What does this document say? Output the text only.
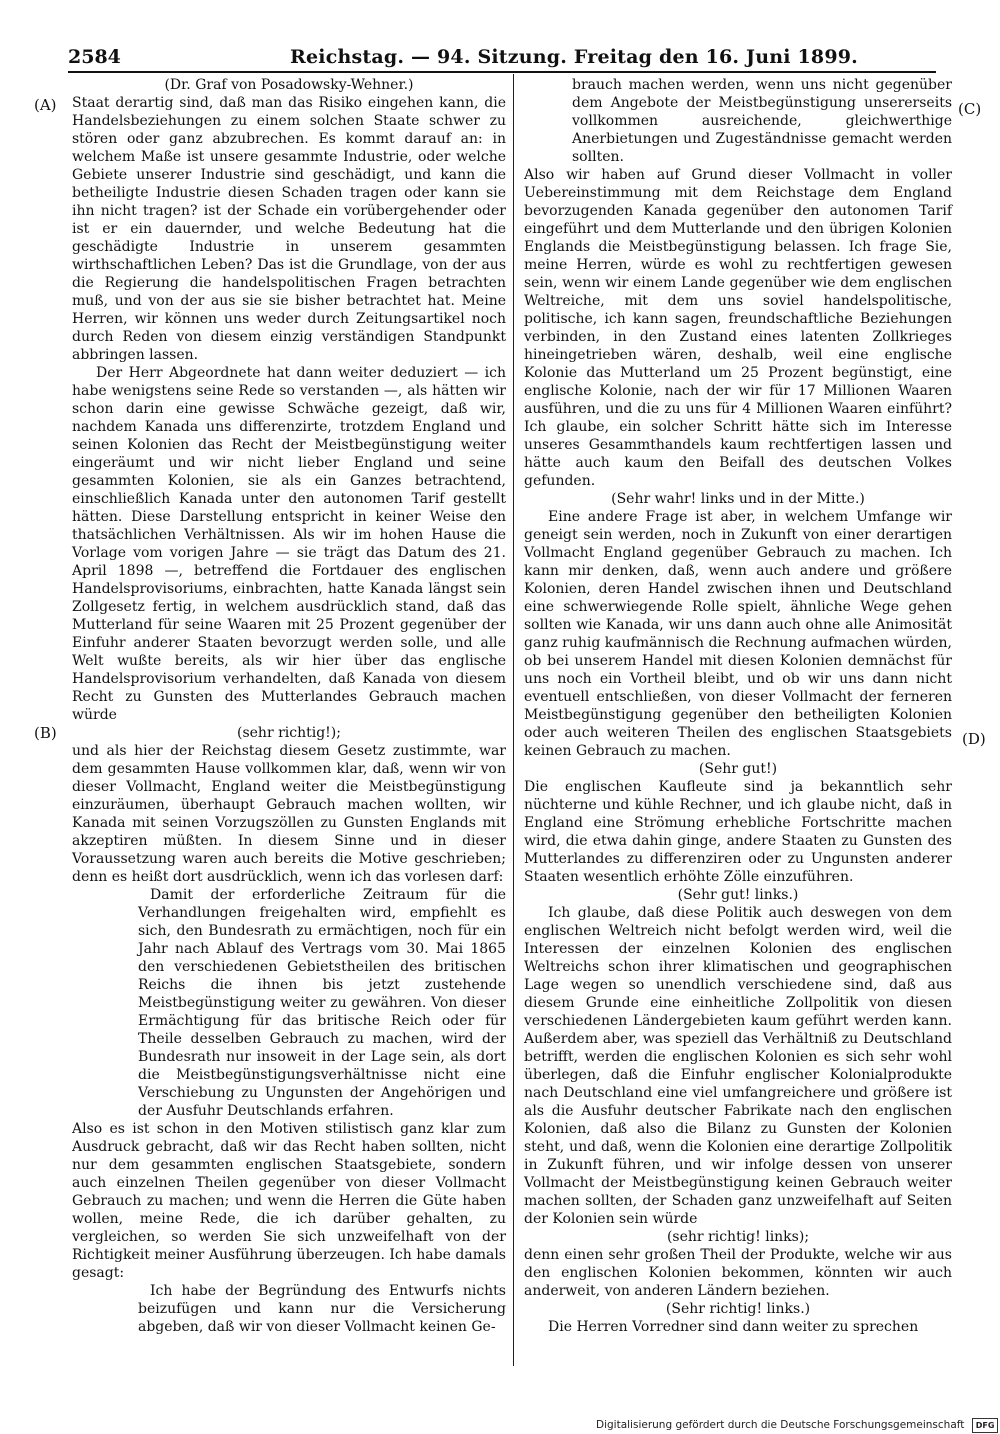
2584	Reichstag. — 94. Sitzung. Freitag den 16. Juni 1899.
(A)
(B)
(C)
(D)

(Dr. Graf von Posadowsky-Wehner.)

Staat derartig sind, daß man das Risiko eingehen kann, die Handelsbeziehungen zu einem solchen Staate schwer zu stören oder ganz abzubrechen. Es kommt darauf an: in welchem Maße ist unsere gesammte Industrie, oder welche Gebiete unserer Industrie sind geschädigt, und kann die betheiligte Industrie diesen Schaden tragen oder kann sie ihn nicht tragen? ist der Schade ein vorübergehender oder ist er ein dauernder, und welche Bedeutung hat die geschädigte Industrie in unserem gesammten wirthschaftlichen Leben? Das ist die Grundlage, von der aus die Regierung die handelspolitischen Fragen betrachten muß, und von der aus sie sie bisher betrachtet hat. Meine Herren, wir können uns weder durch Zeitungsartikel noch durch Reden von diesem einzig verständigen Standpunkt abbringen lassen.

Der Herr Abgeordnete hat dann weiter deduziert — ich habe wenigstens seine Rede so verstanden —, als hätten wir schon darin eine gewisse Schwäche gezeigt, daß wir, nachdem Kanada uns differenzirte, trotzdem England und seinen Kolonien das Recht der Meistbegünstigung weiter eingeräumt und wir nicht lieber England und seine gesammten Kolonien, sie als ein Ganzes betrachtend, einschließlich Kanada unter den autonomen Tarif gestellt hätten. Diese Darstellung entspricht in keiner Weise den thatsächlichen Verhältnissen. Als wir im hohen Hause die Vorlage vom vorigen Jahre — sie trägt das Datum des 21. April 1898 —, betreffend die Fortdauer des englischen Handelsprovisoriums, einbrachten, hatte Kanada längst sein Zollgesetz fertig, in welchem ausdrücklich stand, daß das Mutterland für seine Waaren mit 25 Prozent gegenüber der Einfuhr anderer Staaten bevorzugt werden solle, und alle Welt wußte bereits, als wir hier über das englische Handelsprovisorium verhandelten, daß Kanada von diesem Recht zu Gunsten des Mutterlandes Gebrauch machen würde

(sehr richtig!);

und als hier der Reichstag diesem Gesetz zustimmte, war dem gesammten Hause vollkommen klar, daß, wenn wir von dieser Vollmacht, England weiter die Meistbegünstigung einzuräumen, überhaupt Gebrauch machen wollten, wir Kanada mit seinen Vorzugszöllen zu Gunsten Englands mit akzeptiren müßten. In diesem Sinne und in dieser Voraussetzung waren auch bereits die Motive geschrieben; denn es heißt dort ausdrücklich, wenn ich das vorlesen darf:

Damit der erforderliche Zeitraum für die Verhandlungen freigehalten wird, empfiehlt es sich, den Bundesrath zu ermächtigen, noch für ein Jahr nach Ablauf des Vertrags vom 30. Mai 1865 den verschiedenen Gebietstheilen des britischen Reichs die ihnen bis jetzt zustehende Meistbegünstigung weiter zu gewähren. Von dieser Ermächtigung für das britische Reich oder für Theile desselben Gebrauch zu machen, wird der Bundesrath nur insoweit in der Lage sein, als dort die Meistbegünstigungsverhältnisse nicht eine Verschiebung zu Ungunsten der Angehörigen und der Ausfuhr Deutschlands erfahren.

Also es ist schon in den Motiven stilistisch ganz klar zum Ausdruck gebracht, daß wir das Recht haben sollten, nicht nur dem gesammten englischen Staatsgebiete, sondern auch einzelnen Theilen gegenüber von dieser Vollmacht Gebrauch zu machen; und wenn die Herren die Güte haben wollen, meine Rede, die ich darüber gehalten, zu vergleichen, so werden Sie sich unzweifelhaft von der Richtigkeit meiner Ausführung überzeugen. Ich habe damals gesagt:

Ich habe der Begründung des Entwurfs nichts beizufügen und kann nur die Versicherung abgeben, daß wir von dieser Vollmacht keinen Ge-

brauch machen werden, wenn uns nicht gegenüber dem Angebote der Meistbegünstigung unsererseits vollkommen ausreichende, gleichwerthige Anerbietungen und Zugeständnisse gemacht werden sollten.

Also wir haben auf Grund dieser Vollmacht in voller Uebereinstimmung mit dem Reichstage dem England bevorzugenden Kanada gegenüber den autonomen Tarif eingeführt und dem Mutterlande und den übrigen Kolonien Englands die Meistbegünstigung belassen. Ich frage Sie, meine Herren, würde es wohl zu rechtfertigen gewesen sein, wenn wir einem Lande gegenüber wie dem englischen Weltreiche, mit dem uns soviel handelspolitische, politische, ich kann sagen, freundschaftliche Beziehungen verbinden, in den Zustand eines latenten Zollkrieges hineingetrieben wären, deshalb, weil eine englische Kolonie das Mutterland um 25 Prozent begünstigt, eine englische Kolonie, nach der wir für 17 Millionen Waaren ausführen, und die zu uns für 4 Millionen Waaren einführt? Ich glaube, ein solcher Schritt hätte sich im Interesse unseres Gesammthandels kaum rechtfertigen lassen und hätte auch kaum den Beifall des deutschen Volkes gefunden.

(Sehr wahr! links und in der Mitte.)

Eine andere Frage ist aber, in welchem Umfange wir geneigt sein werden, noch in Zukunft von einer derartigen Vollmacht England gegenüber Gebrauch zu machen. Ich kann mir denken, daß, wenn auch andere und größere Kolonien, deren Handel zwischen ihnen und Deutschland eine schwerwiegende Rolle spielt, ähnliche Wege gehen sollten wie Kanada, wir uns dann auch ohne alle Animosität ganz ruhig kaufmännisch die Rechnung aufmachen würden, ob bei unserem Handel mit diesen Kolonien demnächst für uns noch ein Vortheil bleibt, und ob wir uns dann nicht eventuell entschließen, von dieser Vollmacht der ferneren Meistbegünstigung gegenüber den betheiligten Kolonien oder auch weiteren Theilen des englischen Staatsgebiets keinen Gebrauch zu machen.

(Sehr gut!)

Die englischen Kaufleute sind ja bekanntlich sehr nüchterne und kühle Rechner, und ich glaube nicht, daß in England eine Strömung erhebliche Fortschritte machen wird, die etwa dahin ginge, andere Staaten zu Gunsten des Mutterlandes zu differenziren oder zu Ungunsten anderer Staaten wesentlich erhöhte Zölle einzuführen.

(Sehr gut! links.)

Ich glaube, daß diese Politik auch deswegen von dem englischen Weltreich nicht befolgt werden wird, weil die Interessen der einzelnen Kolonien des englischen Weltreichs schon ihrer klimatischen und geographischen Lage wegen so unendlich verschiedene sind, daß aus diesem Grunde eine einheitliche Zollpolitik von diesen verschiedenen Ländergebieten kaum geführt werden kann. Außerdem aber, was speziell das Verhältniß zu Deutschland betrifft, werden die englischen Kolonien es sich sehr wohl überlegen, daß die Einfuhr englischer Kolonialprodukte nach Deutschland eine viel umfangreichere und größere ist als die Ausfuhr deutscher Fabrikate nach den englischen Kolonien, daß also die Bilanz zu Gunsten der Kolonien steht, und daß, wenn die Kolonien eine derartige Zollpolitik in Zukunft führen, und wir infolge dessen von unserer Vollmacht der Meistbegünstigung keinen Gebrauch weiter machen sollten, der Schaden ganz unzweifelhaft auf Seiten der Kolonien sein würde

(sehr richtig! links);

denn einen sehr großen Theil der Produkte, welche wir aus den englischen Kolonien bekommen, könnten wir auch anderweit, von anderen Ländern beziehen.

(Sehr richtig! links.)

Die Herren Vorredner sind dann weiter zu sprechen

Digitalisierung gefördert durch die Deutsche Forschungsgemeinschaft DFG
